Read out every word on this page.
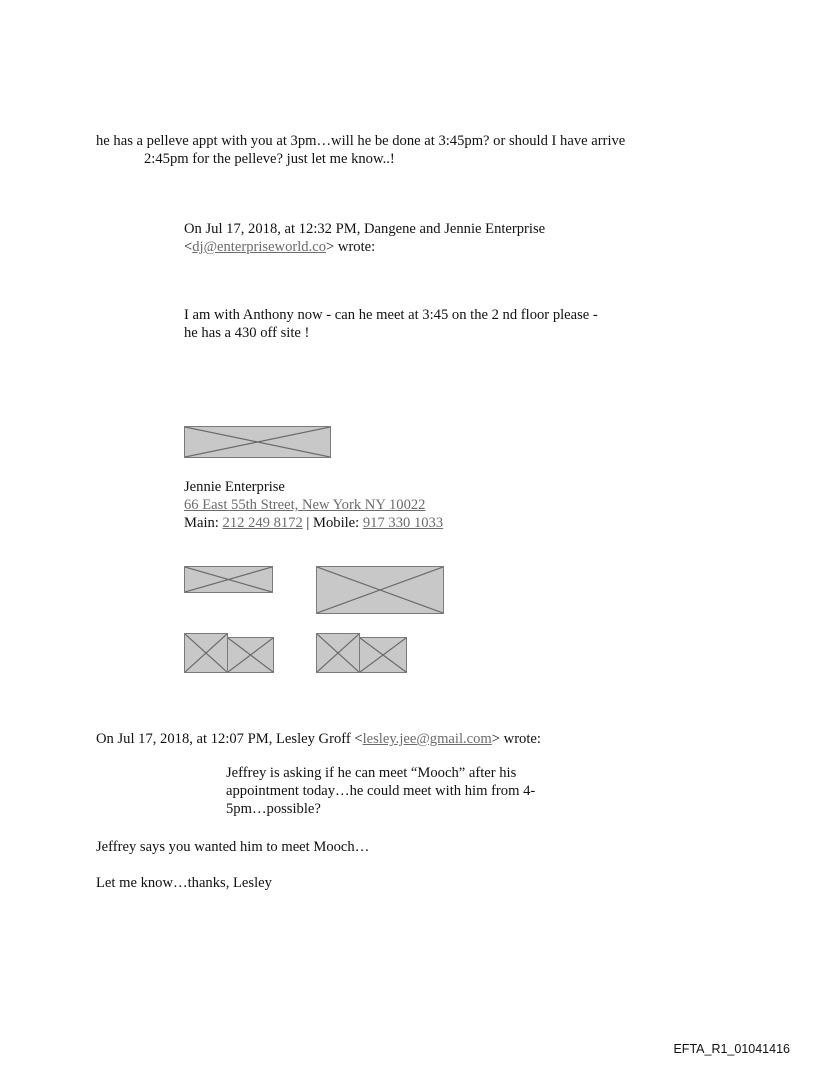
he has a pelleve appt with you at 3pm…will he be done at 3:45pm? or should I have arrive
2:45pm for the pelleve? just let me know..!
On Jul 17, 2018, at 12:32 PM, Dangene and Jennie Enterprise
<dj@enterpriseworld.co> wrote:
I am with Anthony now - can he meet at 3:45 on the 2 nd floor please -
he has a 430 off site !
Jennie Enterprise
66 East 55th Street, New York NY 10022
Main: 212 249 8172 | Mobile: 917 330 1033
On Jul 17, 2018, at 12:07 PM, Lesley Groff <lesley.jee@gmail.com> wrote:
Jeffrey is asking if he can meet “Mooch” after his
appointment today…he could meet with him from 4-
5pm…possible?
Jeffrey says you wanted him to meet Mooch…
Let me know…thanks, Lesley
EFTA_R1_01041416
